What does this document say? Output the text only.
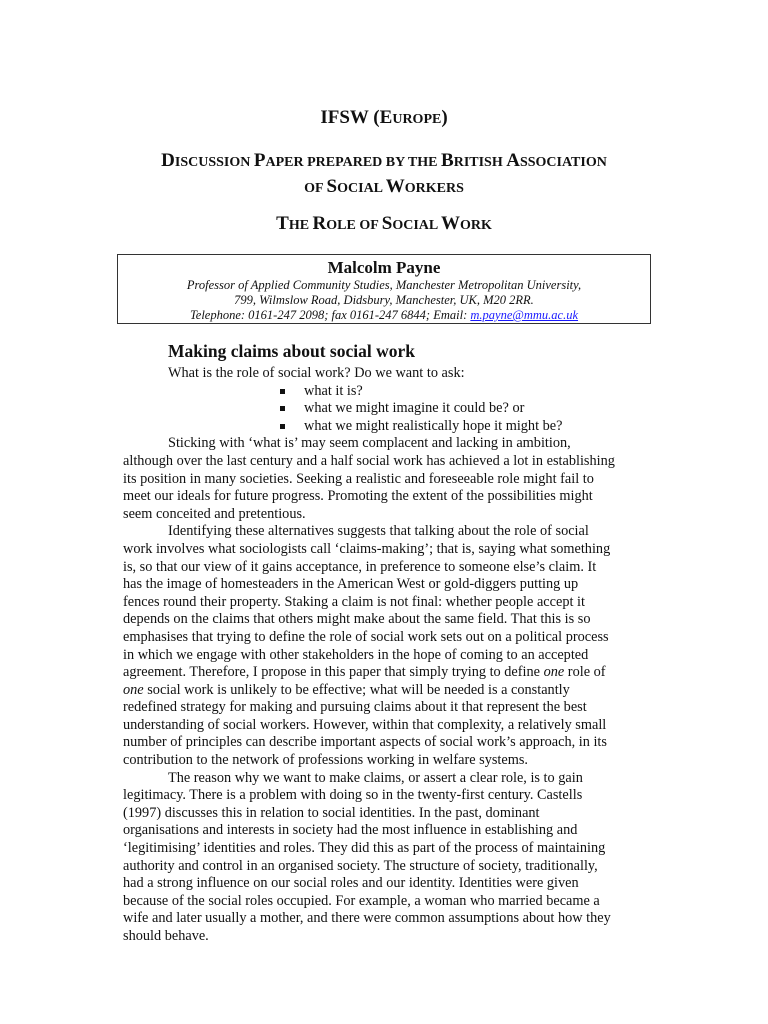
IFSW (EUROPE)
DISCUSSION PAPER PREPARED BY THE BRITISH ASSOCIATION
OF SOCIAL WORKERS
THE ROLE OF SOCIAL WORK
Malcolm Payne
Professor of Applied Community Studies, Manchester Metropolitan University,
799, Wilmslow Road, Didsbury, Manchester, UK, M20 2RR.
Telephone: 0161-247 2098; fax 0161-247 6844; Email: m.payne@mmu.ac.uk
Making claims about social work
What is the role of social work? Do we want to ask:
what it is?
what we might imagine it could be? or
what we might realistically hope it might be?
Sticking with ‘what is’ may seem complacent and lacking in ambition,
although over the last century and a half social work has achieved a lot in establishing
its position in many societies. Seeking a realistic and foreseeable role might fail to
meet our ideals for future progress. Promoting the extent of the possibilities might
seem conceited and pretentious.
Identifying these alternatives suggests that talking about the role of social
work involves what sociologists call ‘claims-making’; that is, saying what something
is, so that our view of it gains acceptance, in preference to someone else’s claim. It
has the image of homesteaders in the American West or gold-diggers putting up
fences round their property. Staking a claim is not final: whether people accept it
depends on the claims that others might make about the same field. That this is so
emphasises that trying to define the role of social work sets out on a political process
in which we engage with other stakeholders in the hope of coming to an accepted
agreement. Therefore, I propose in this paper that simply trying to define one role of
one social work is unlikely to be effective; what will be needed is a constantly
redefined strategy for making and pursuing claims about it that represent the best
understanding of social workers. However, within that complexity, a relatively small
number of principles can describe important aspects of social work’s approach, in its
contribution to the network of professions working in welfare systems.
The reason why we want to make claims, or assert a clear role, is to gain
legitimacy. There is a problem with doing so in the twenty-first century. Castells
(1997) discusses this in relation to social identities. In the past, dominant
organisations and interests in society had the most influence in establishing and
‘legitimising’ identities and roles. They did this as part of the process of maintaining
authority and control in an organised society. The structure of society, traditionally,
had a strong influence on our social roles and our identity. Identities were given
because of the social roles occupied. For example, a woman who married became a
wife and later usually a mother, and there were common assumptions about how they
should behave.
